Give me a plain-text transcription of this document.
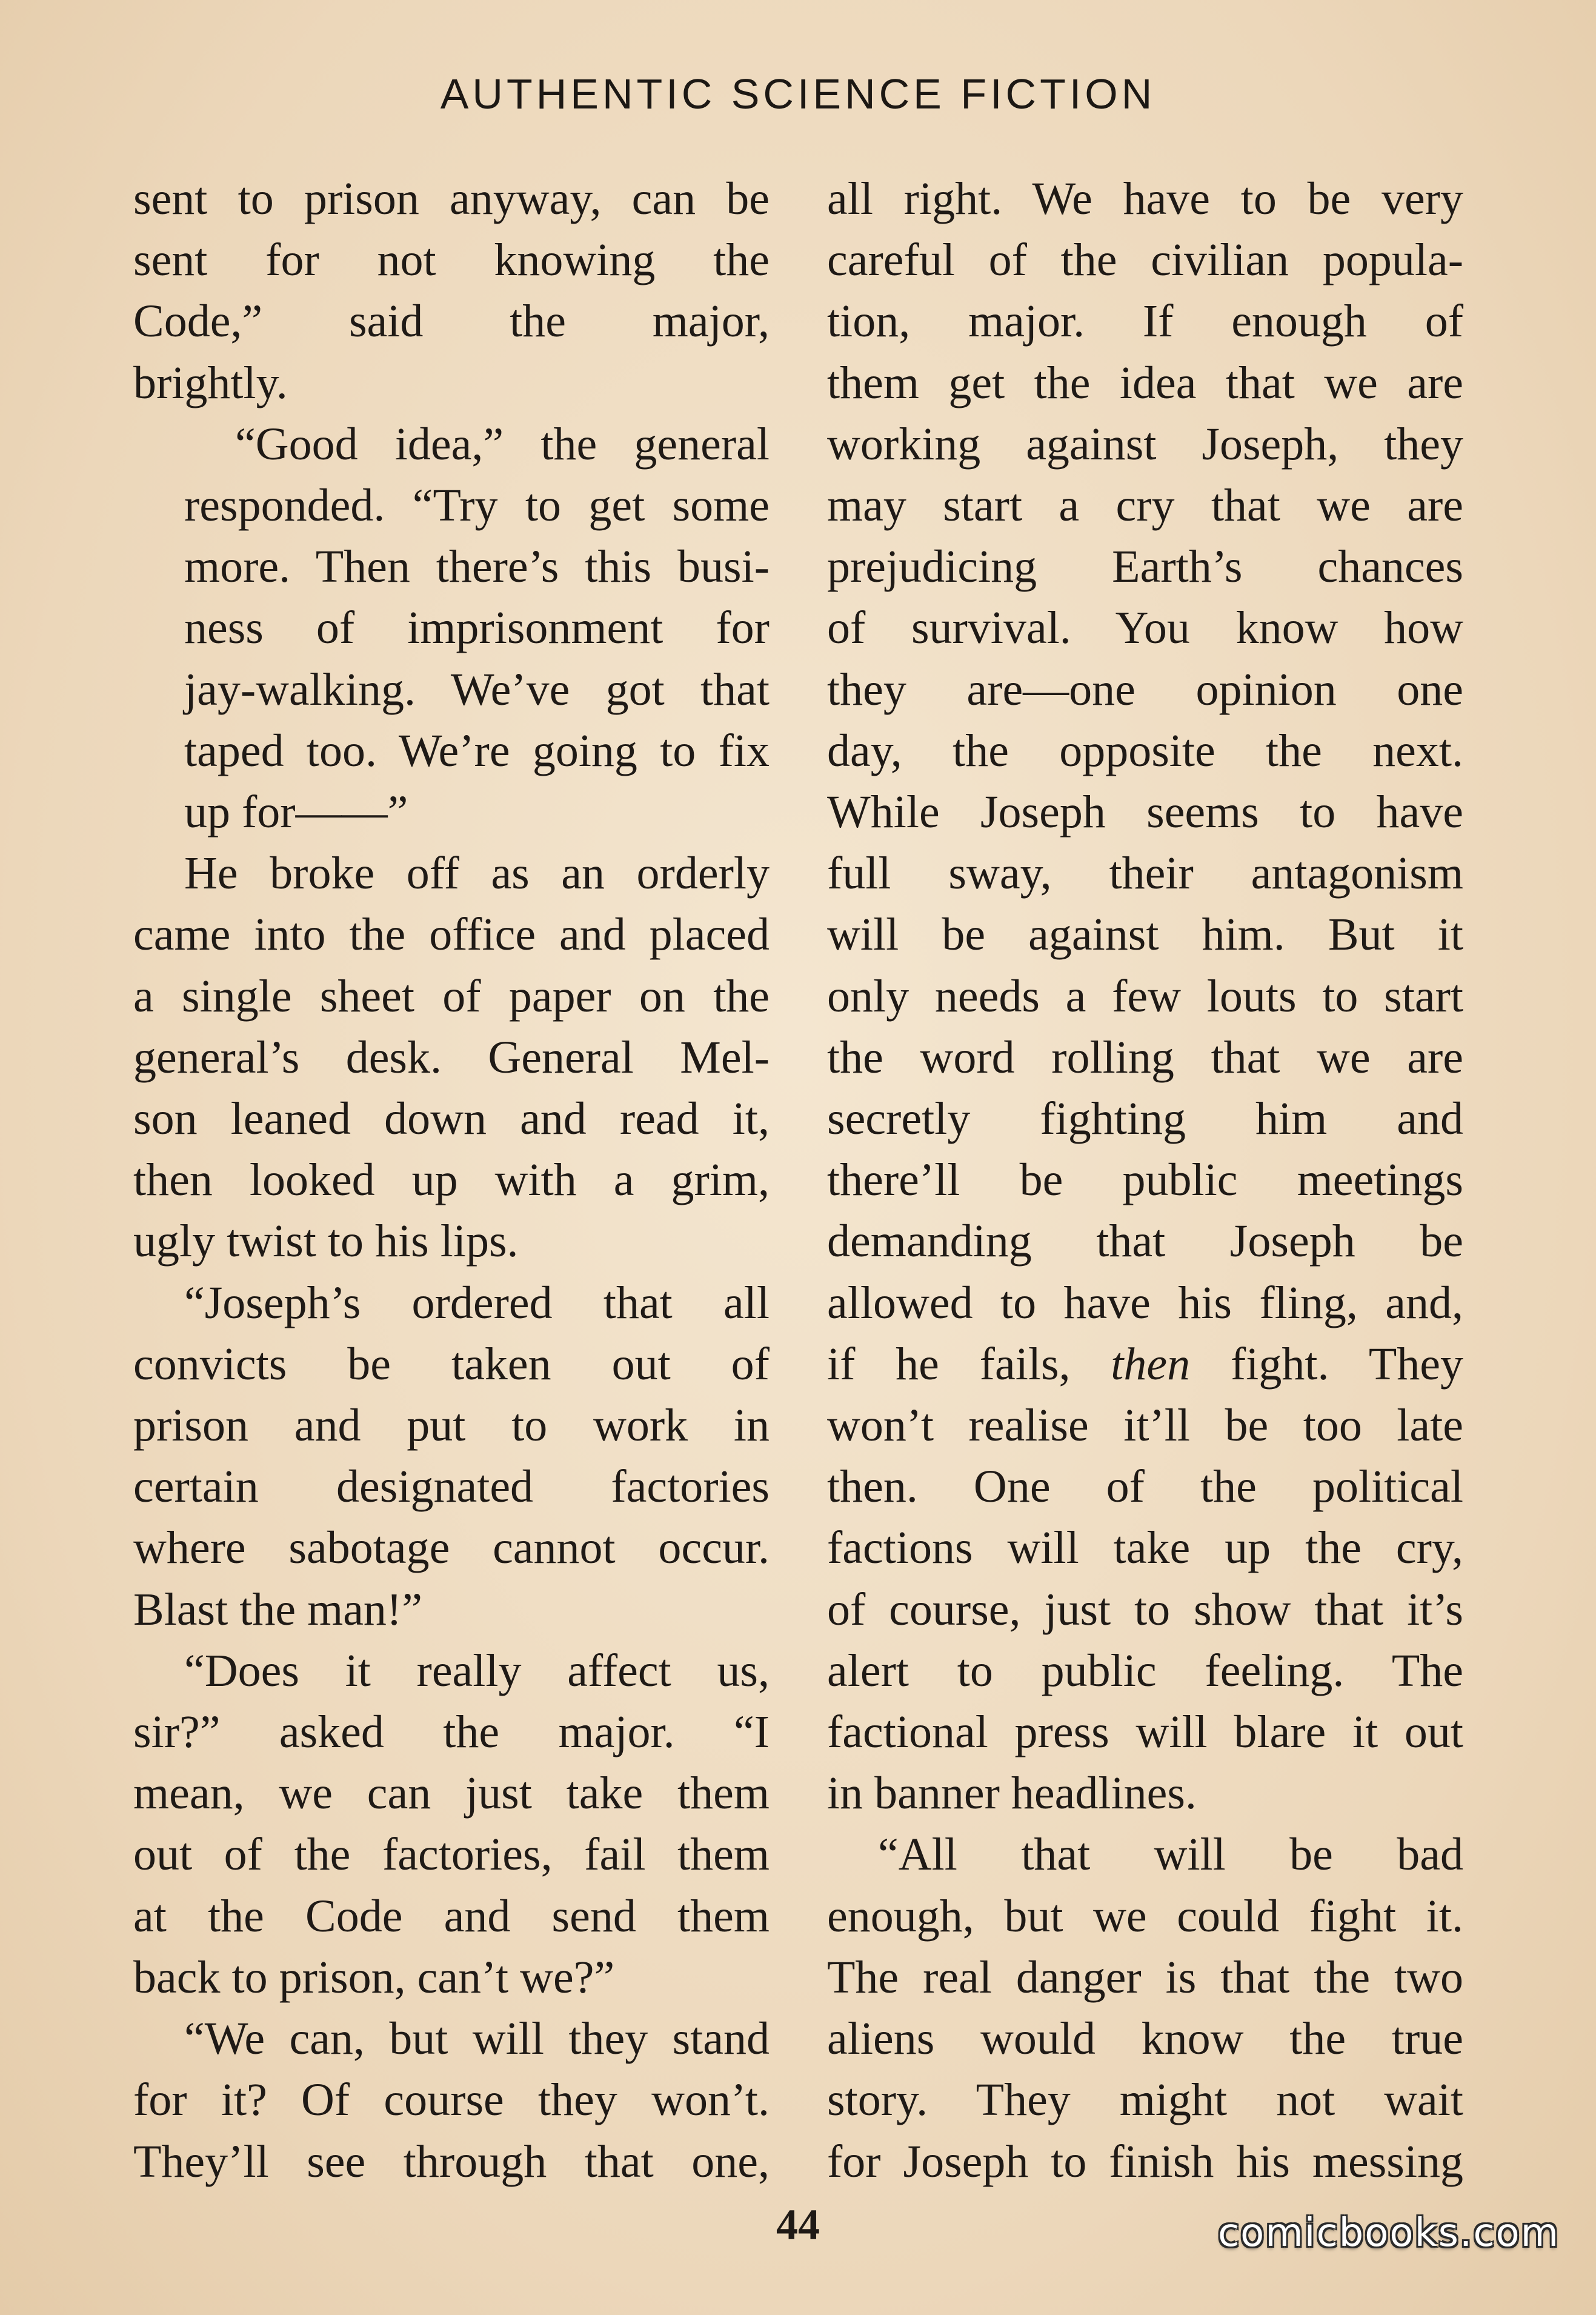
AUTHENTIC SCIENCE FICTION

sent to prison anyway, can be
sent for not knowing the
Code,” said the major,
brightly.

“Good idea,” the general
responded. “Try to get some
more. Then there’s this busi-
ness of imprisonment for
jay-walking. We’ve got that
taped too. We’re going to fix
up for——”

He broke off as an orderly
came into the office and placed
a single sheet of paper on the
general’s desk. General Mel-
son leaned down and read it,
then looked up with a grim,
ugly twist to his lips.

“Joseph’s ordered that all
convicts be taken out of
prison and put to work in
certain designated factories
where sabotage cannot occur.
Blast the man!”

“Does it really affect us,
sir?” asked the major. “I
mean, we can just take them
out of the factories, fail them
at the Code and send them
back to prison, can’t we?”

“We can, but will they stand
for it? Of course they won’t.
They’ll see through that one,

all right. We have to be very
careful of the civilian popula-
tion, major. If enough of
them get the idea that we are
working against Joseph, they
may start a cry that we are
prejudicing Earth’s chances
of survival. You know how
they are—one opinion one
day, the opposite the next.
While Joseph seems to have
full sway, their antagonism
will be against him. But it
only needs a few louts to start
the word rolling that we are
secretly fighting him and
there’ll be public meetings
demanding that Joseph be
allowed to have his fling, and,
if he fails, then fight. They
won’t realise it’ll be too late
then. One of the political
factions will take up the cry,
of course, just to show that it’s
alert to public feeling. The
factional press will blare it out
in banner headlines.

“All that will be bad
enough, but we could fight it.
The real danger is that the two
aliens would know the true
story. They might not wait
for Joseph to finish his messing

44	comicbooks.com
